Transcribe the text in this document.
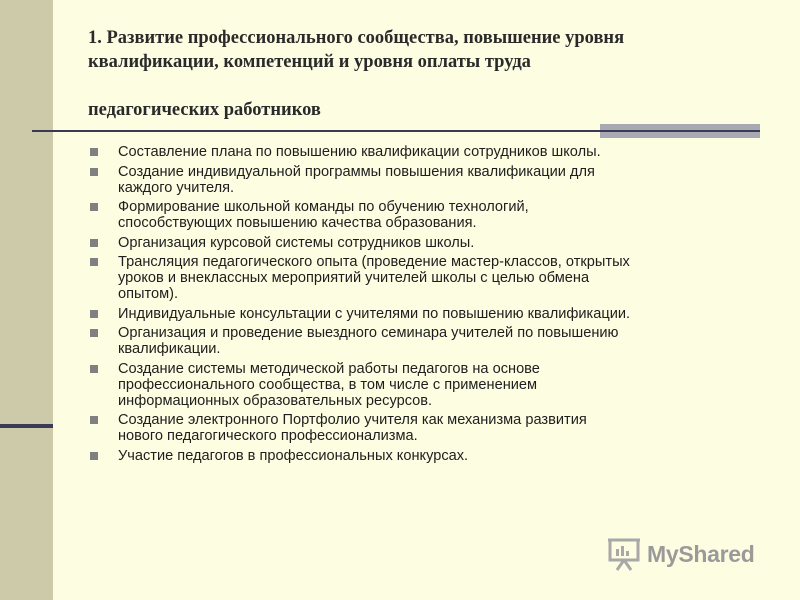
1. Развитие профессионального сообщества, повышение уровня
квалификации, компетенций и уровня оплаты труда
педагогических работников
Составление плана по повышению квалификации сотрудников школы.
Создание индивидуальной программы повышения квалификации для
каждого учителя.
Формирование школьной команды по обучению технологий,
способствующих повышению качества образования.
Организация курсовой системы сотрудников школы.
Трансляция педагогического опыта (проведение мастер-классов, открытых
уроков и внеклассных мероприятий учителей школы с целью обмена
опытом).
Индивидуальные консультации с учителями по повышению квалификации.
Организация и проведение выездного семинара учителей по повышению
квалификации.
Создание системы методической работы педагогов на основе
профессионального сообщества, в том числе с применением
информационных образовательных ресурсов.
Создание электронного Портфолио учителя как механизма развития
нового педагогического профессионализма.
Участие педагогов в профессиональных конкурсах.
MyShared
